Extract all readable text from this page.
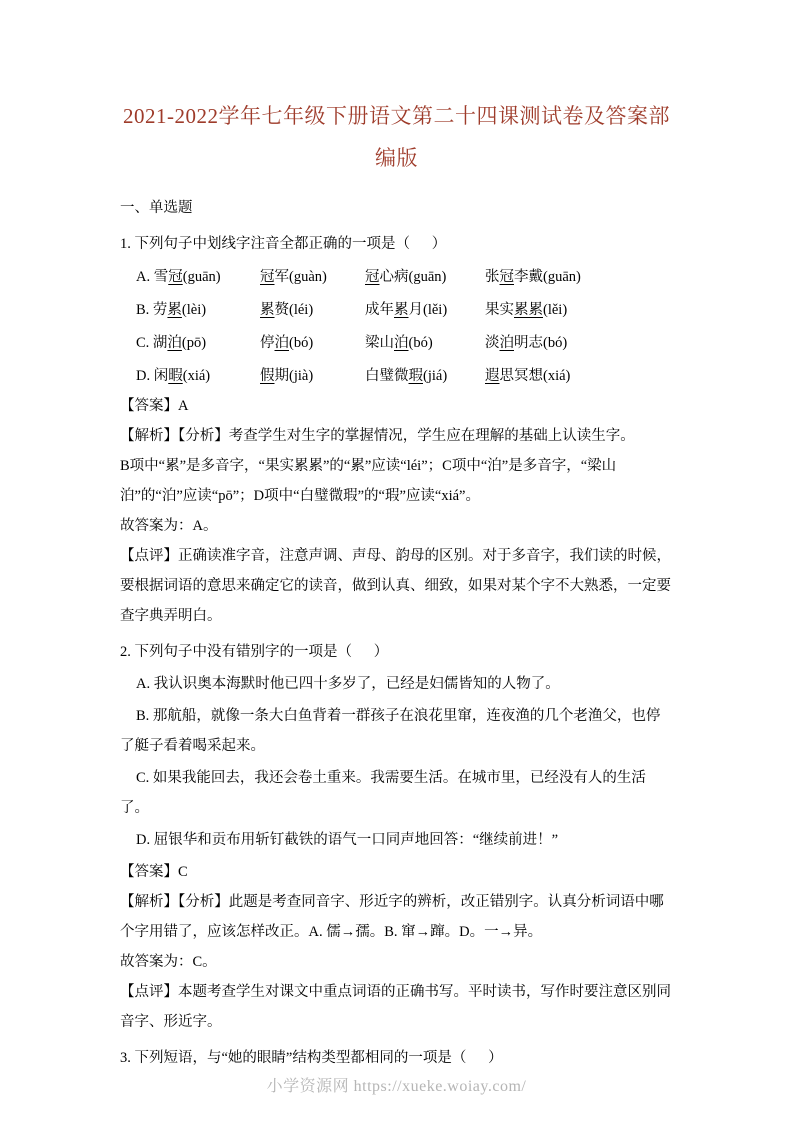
2021-2022学年七年级下册语文第二十四课测试卷及答案部
编版

一、单选题

1. 下列句子中划线字注音全都正确的一项是（      ）

A. 雪冠(guān)	冠军(guàn)	冠心病(guān)	张冠李戴(guān)
B. 劳累(lèi)	累赘(léi)	成年累月(lěi)	果实累累(lěi)
C. 湖泊(pō)	停泊(bó)	梁山泊(bó)	淡泊明志(bó)
D. 闲暇(xiá)	假期(jià)	白璧微瑕(jiá)	遐思冥想(xiá)

【答案】A

【解析】【分析】考查学生对生字的掌握情况，学生应在理解的基础上认读生字。

B项中“累”是多音字，“果实累累”的“累”应读“léi”；C项中“泊”是多音字，“梁山泊”的“泊”应读“pō”；D项中“白璧微瑕”的“瑕”应读“xiá”。

故答案为：A。

【点评】正确读准字音，注意声调、声母、韵母的区别。对于多音字，我们读的时候，要根据词语的意思来确定它的读音，做到认真、细致，如果对某个字不大熟悉，一定要查字典弄明白。

2. 下列句子中没有错别字的一项是（      ）

A. 我认识奥本海默时他已四十多岁了，已经是妇儒皆知的人物了。

B. 那航船，就像一条大白鱼背着一群孩子在浪花里窜，连夜渔的几个老渔父，也停了艇子看着喝采起来。

C. 如果我能回去，我还会卷土重来。我需要生活。在城市里，已经没有人的生活了。

D. 屈银华和贡布用斩钉截铁的语气一口同声地回答：“继续前进！”

【答案】C

【解析】【分析】此题是考查同音字、形近字的辨析，改正错别字。认真分析词语中哪个字用错了，应该怎样改正。A. 儒→孺。B. 窜→蹿。D。一→异。

故答案为：C。

【点评】本题考查学生对课文中重点词语的正确书写。平时读书，写作时要注意区别同音字、形近字。

3. 下列短语，与“她的眼睛”结构类型都相同的一项是（      ）

小学资源网 https://xueke.woiay.com/
